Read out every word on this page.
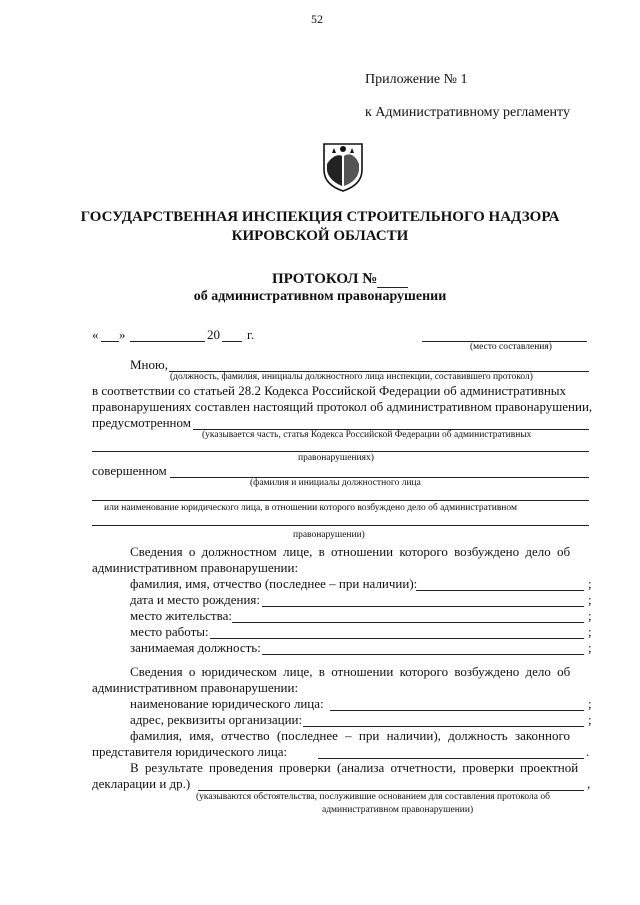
52
Приложение № 1
к Административному регламенту
ГОСУДАРСТВЕННАЯ ИНСПЕКЦИЯ СТРОИТЕЛЬНОГО НАДЗОРА
КИРОВСКОЙ ОБЛАСТИ
ПРОТОКОЛ №
об административном правонарушении
« »	20 г.
(место составления)
Мною,
(должность, фамилия, инициалы должностного лица инспекции, составившего протокол)
в соответствии со статьей 28.2 Кодекса Российской Федерации об административных
правонарушениях составлен настоящий протокол об административном правонарушении,
предусмотренном
(указывается часть, статья Кодекса Российской Федерации об административных
правонарушениях)
совершенном
(фамилия и инициалы должностного лица
или наименование юридического лица, в отношении которого возбуждено дело об административном
правонарушении)
Сведения о должностном лице, в отношении которого возбуждено дело об
административном правонарушении:
фамилия, имя, отчество (последнее – при наличии):	;
дата и место рождения:	;
место жительства:	;
место работы:	;
занимаемая должность:	;
Сведения о юридическом лице, в отношении которого возбуждено дело об
административном правонарушении:
наименование юридического лица:	;
адрес, реквизиты организации:	;
фамилия, имя, отчество (последнее – при наличии), должность законного
представителя юридического лица:	.
В результате проведения проверки (анализа отчетности, проверки проектной
декларации и др.)	,
(указываются обстоятельства, послужившие основанием для составления протокола об
административном правонарушении)
